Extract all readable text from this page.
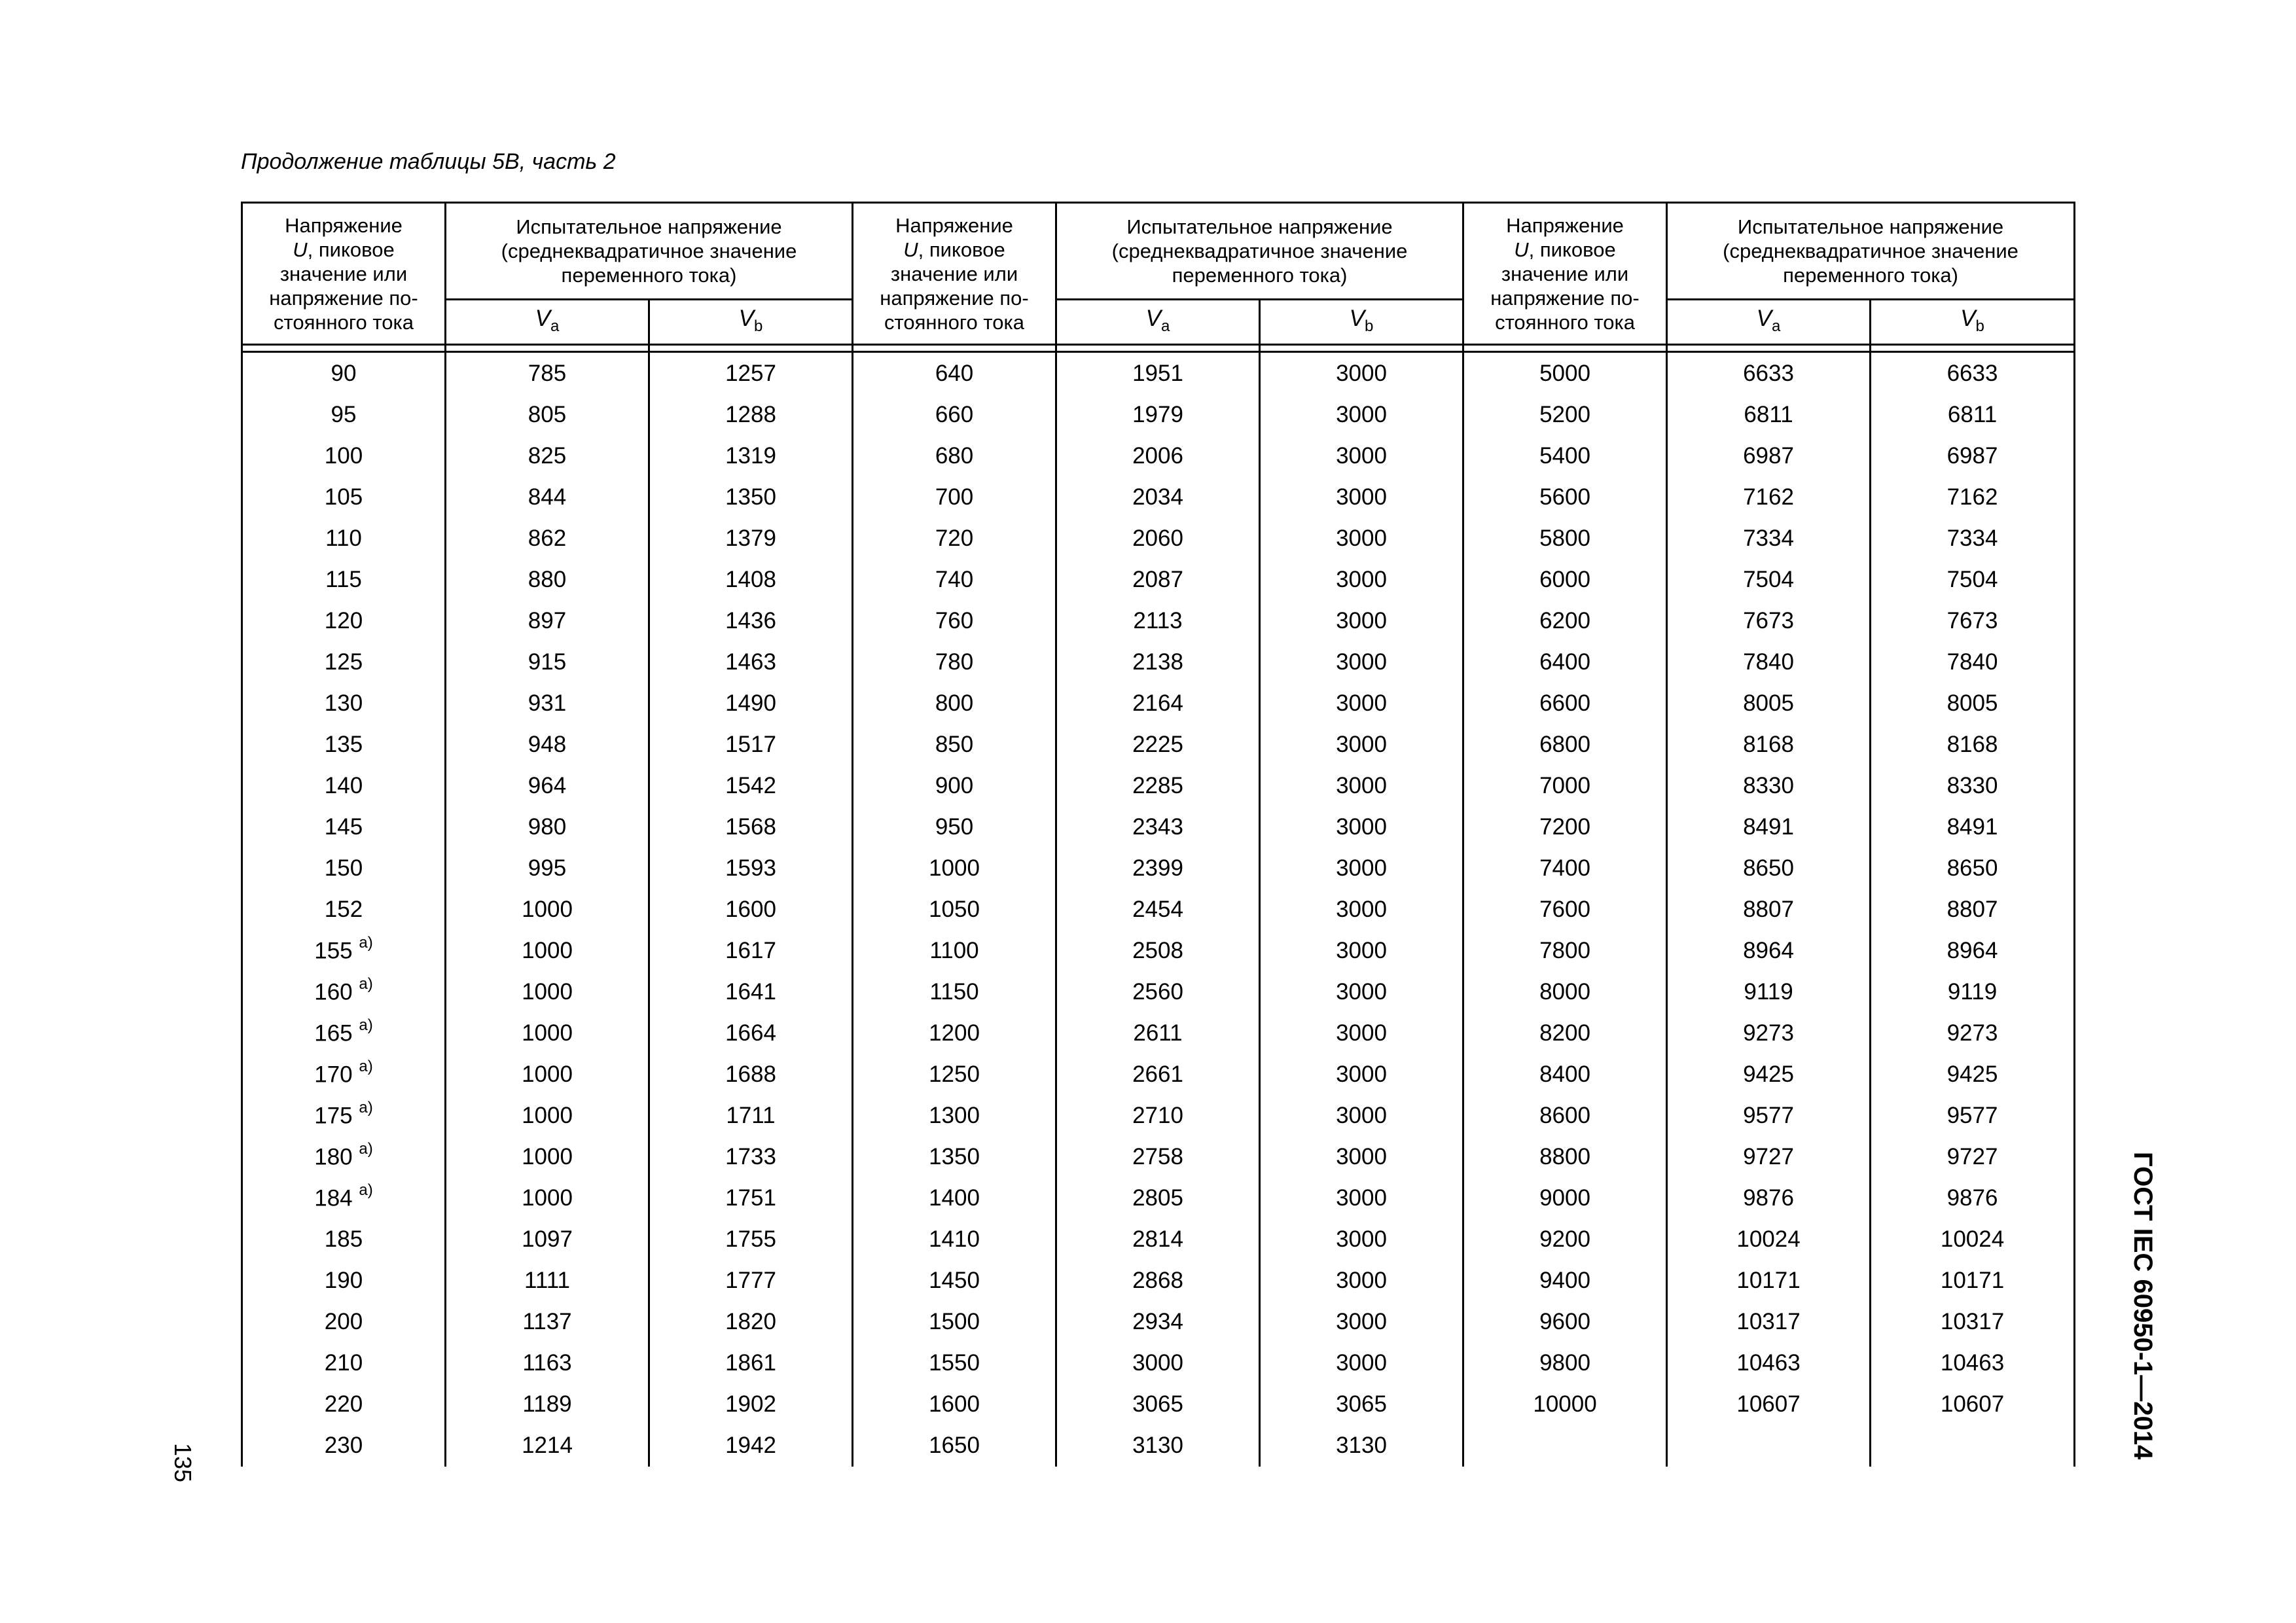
Продолжение таблицы 5В, часть 2
Напряжение
U, пиковое
значение или
напряжение по-
стоянного тока	Испытательное напряжение
(среднеквадратичное значение
переменного тока)		Напряжение
U, пиковое
значение или
напряжение по-
стоянного тока	Испытательное напряжение
(среднеквадратичное значение
переменного тока)		Напряжение
U, пиковое
значение или
напряжение по-
стоянного тока	Испытательное напряжение
(среднеквадратичное значение
переменного тока)	
	$V_a$	$V_b$		$V_a$	$V_b$		$V_a$	$V_b$

90	785	1257	640	1951	3000	5000	6633	6633
95	805	1288	660	1979	3000	5200	6811	6811
100	825	1319	680	2006	3000	5400	6987	6987
105	844	1350	700	2034	3000	5600	7162	7162
110	862	1379	720	2060	3000	5800	7334	7334
115	880	1408	740	2087	3000	6000	7504	7504
120	897	1436	760	2113	3000	6200	7673	7673
125	915	1463	780	2138	3000	6400	7840	7840
130	931	1490	800	2164	3000	6600	8005	8005
135	948	1517	850	2225	3000	6800	8168	8168
140	964	1542	900	2285	3000	7000	8330	8330
145	980	1568	950	2343	3000	7200	8491	8491
150	995	1593	1000	2399	3000	7400	8650	8650
152	1000	1600	1050	2454	3000	7600	8807	8807
155 $^{a)}$	1000	1617	1100	2508	3000	7800	8964	8964
160 $^{a)}$	1000	1641	1150	2560	3000	8000	9119	9119
165 $^{a)}$	1000	1664	1200	2611	3000	8200	9273	9273
170 $^{a)}$	1000	1688	1250	2661	3000	8400	9425	9425
175 $^{a)}$	1000	1711	1300	2710	3000	8600	9577	9577
180 $^{a)}$	1000	1733	1350	2758	3000	8800	9727	9727
184 $^{a)}$	1000	1751	1400	2805	3000	9000	9876	9876
185	1097	1755	1410	2814	3000	9200	10024	10024
190	1111	1777	1450	2868	3000	9400	10171	10171
200	1137	1820	1500	2934	3000	9600	10317	10317
210	1163	1861	1550	3000	3000	9800	10463	10463
220	1189	1902	1600	3065	3065	10000	10607	10607
230	1214	1942	1650	3130	3130			
135
ГОСТ IEC 60950-1—2014
